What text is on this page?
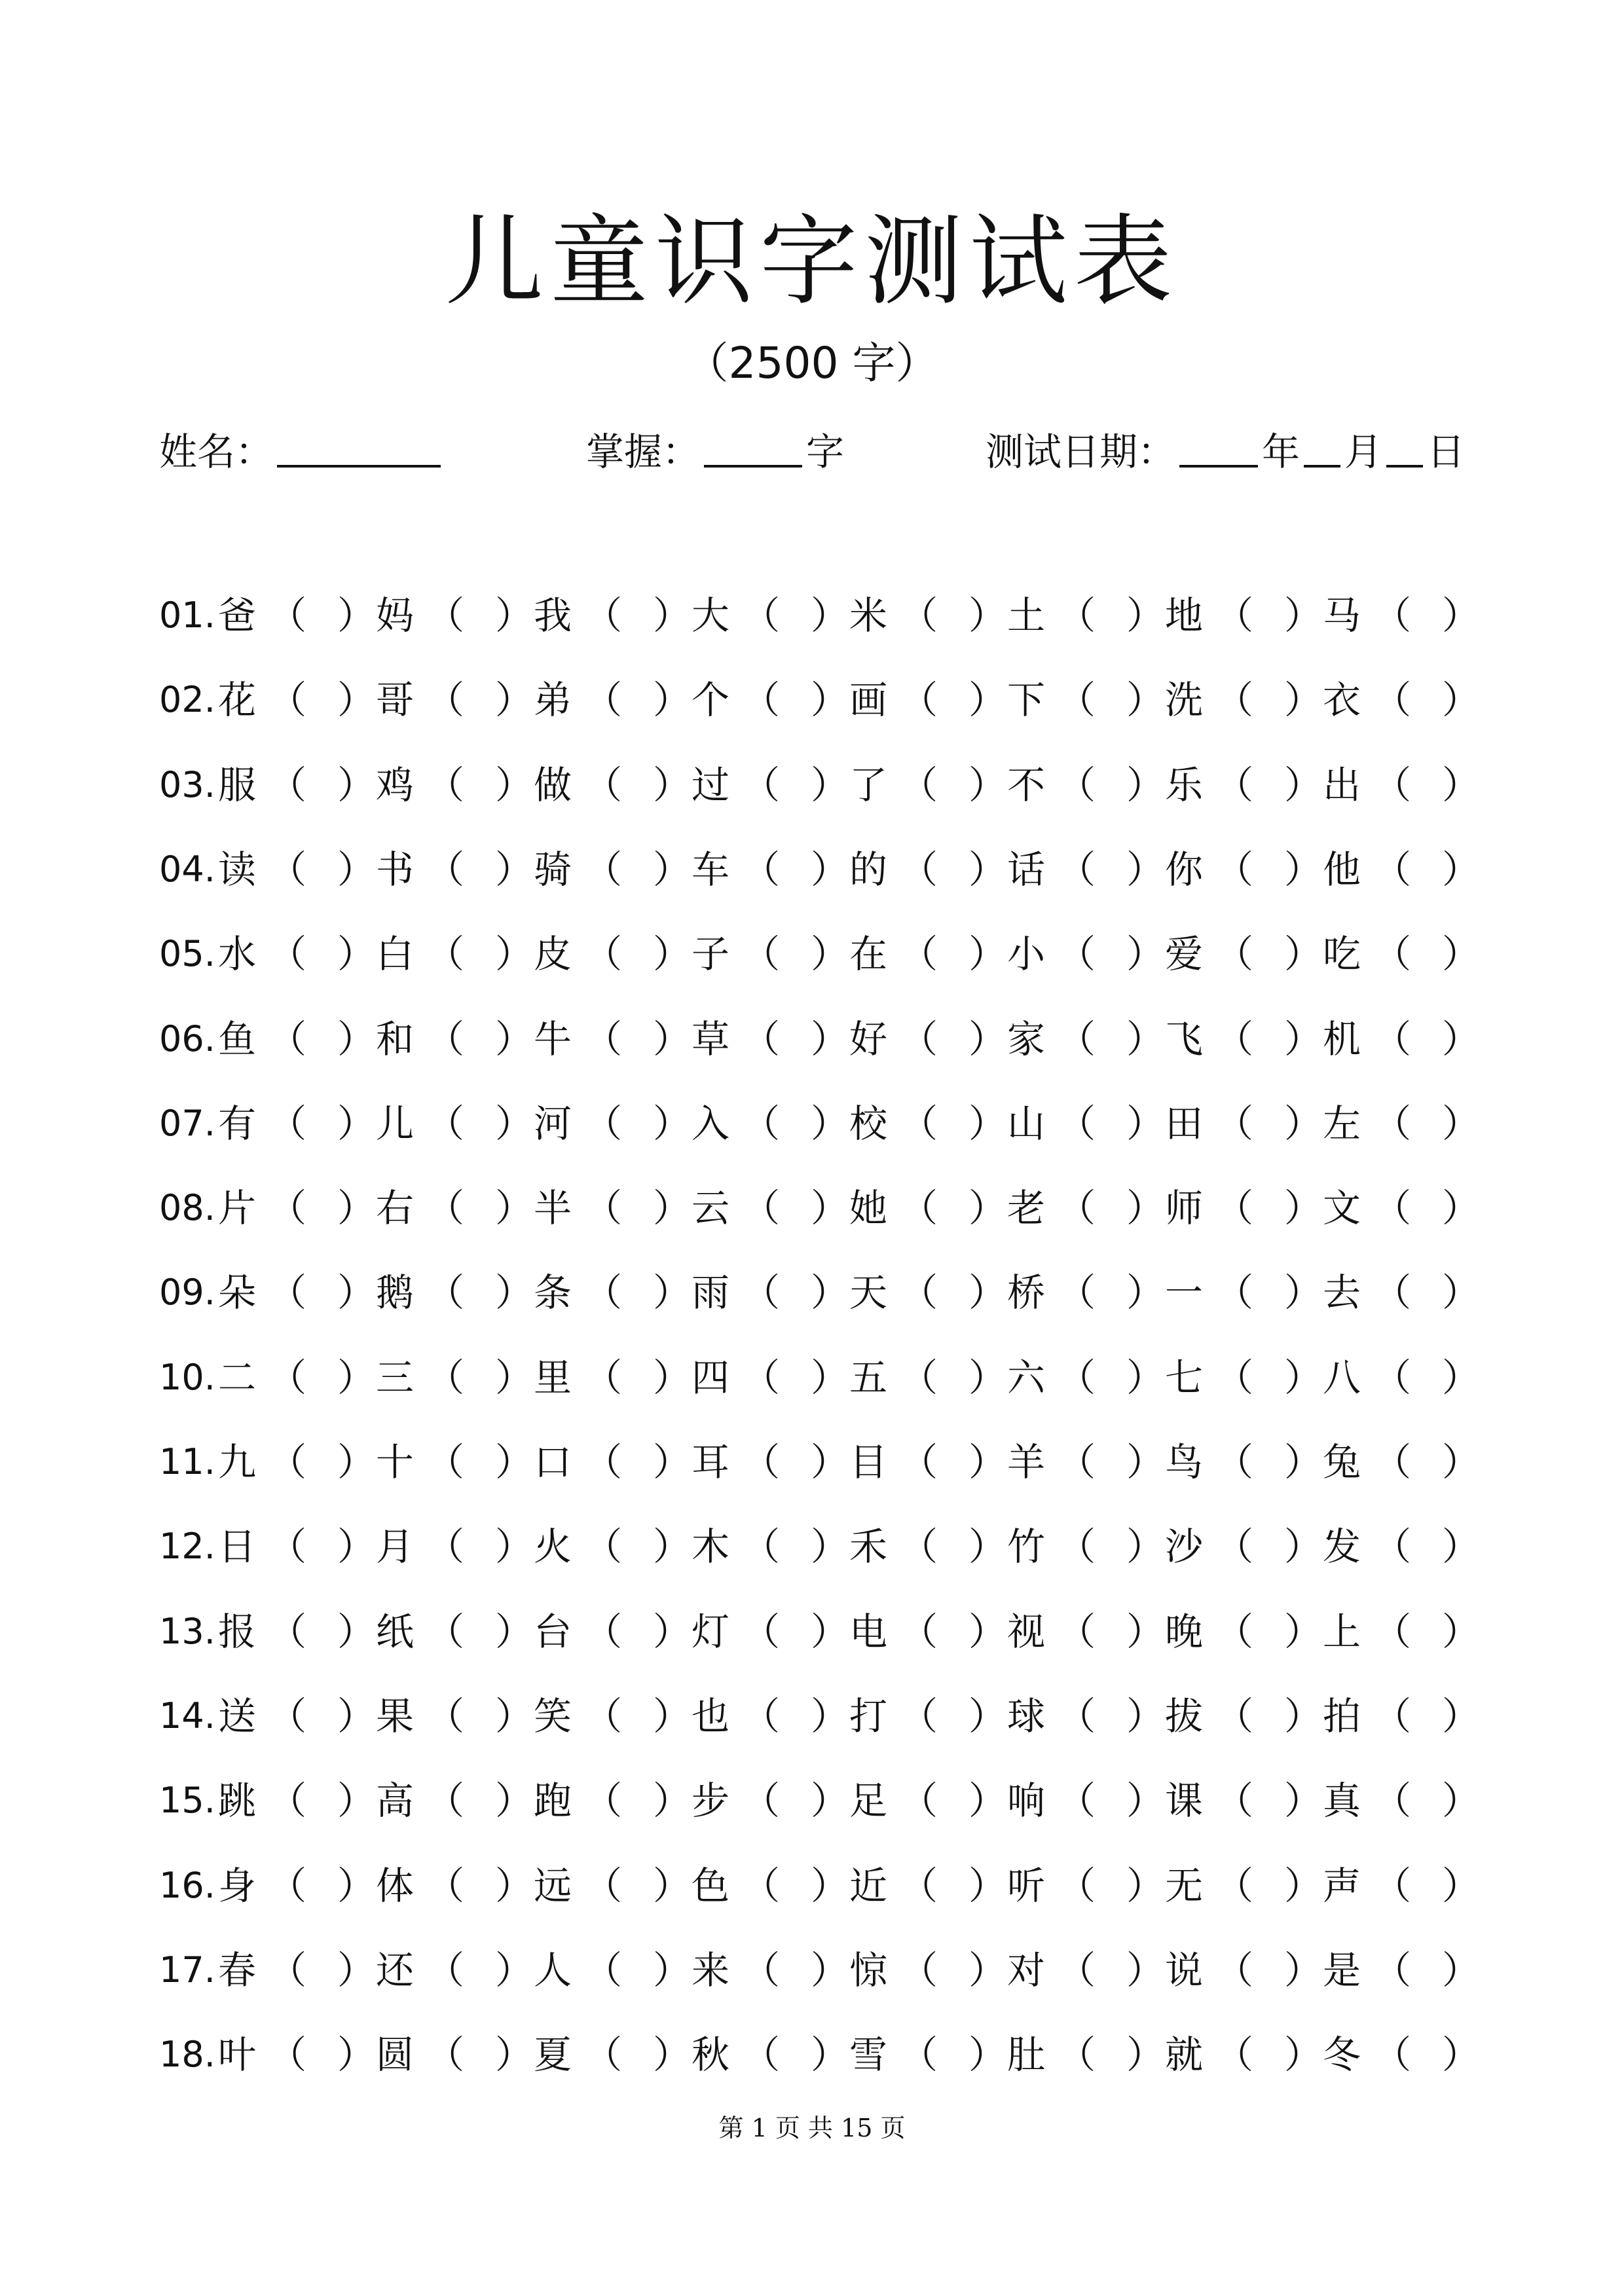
儿童识字测试表
（2500 字）
姓名：	掌握：	字	测试日期： 年 月 日
01. 爸 （ ） 妈 （ ） 我 （ ） 大 （ ） 米 （ ） 土 （ ） 地 （ ） 马 （ ）
02. 花 （ ） 哥 （ ） 弟 （ ） 个 （ ） 画 （ ） 下 （ ） 洗 （ ） 衣 （ ）
03. 服 （ ） 鸡 （ ） 做 （ ） 过 （ ） 了 （ ） 不 （ ） 乐 （ ） 出 （ ）
04. 读 （ ） 书 （ ） 骑 （ ） 车 （ ） 的 （ ） 话 （ ） 你 （ ） 他 （ ）
05. 水 （ ） 白 （ ） 皮 （ ） 子 （ ） 在 （ ） 小 （ ） 爱 （ ） 吃 （ ）
06. 鱼 （ ） 和 （ ） 牛 （ ） 草 （ ） 好 （ ） 家 （ ） 飞 （ ） 机 （ ）
07. 有 （ ） 儿 （ ） 河 （ ） 入 （ ） 校 （ ） 山 （ ） 田 （ ） 左 （ ）
08. 片 （ ） 右 （ ） 半 （ ） 云 （ ） 她 （ ） 老 （ ） 师 （ ） 文 （ ）
09. 朵 （ ） 鹅 （ ） 条 （ ） 雨 （ ） 天 （ ） 桥 （ ） 一 （ ） 去 （ ）
10. 二 （ ） 三 （ ） 里 （ ） 四 （ ） 五 （ ） 六 （ ） 七 （ ） 八 （ ）
11. 九 （ ） 十 （ ） 口 （ ） 耳 （ ） 目 （ ） 羊 （ ） 鸟 （ ） 兔 （ ）
12. 日 （ ） 月 （ ） 火 （ ） 木 （ ） 禾 （ ） 竹 （ ） 沙 （ ） 发 （ ）
13. 报 （ ） 纸 （ ） 台 （ ） 灯 （ ） 电 （ ） 视 （ ） 晚 （ ） 上 （ ）
14. 送 （ ） 果 （ ） 笑 （ ） 也 （ ） 打 （ ） 球 （ ） 拔 （ ） 拍 （ ）
15. 跳 （ ） 高 （ ） 跑 （ ） 步 （ ） 足 （ ） 响 （ ） 课 （ ） 真 （ ）
16. 身 （ ） 体 （ ） 远 （ ） 色 （ ） 近 （ ） 听 （ ） 无 （ ） 声 （ ）
17. 春 （ ） 还 （ ） 人 （ ） 来 （ ） 惊 （ ） 对 （ ） 说 （ ） 是 （ ）
18. 叶 （ ） 圆 （ ） 夏 （ ） 秋 （ ） 雪 （ ） 肚 （ ） 就 （ ） 冬 （ ）
第 1 页 共 15 页
